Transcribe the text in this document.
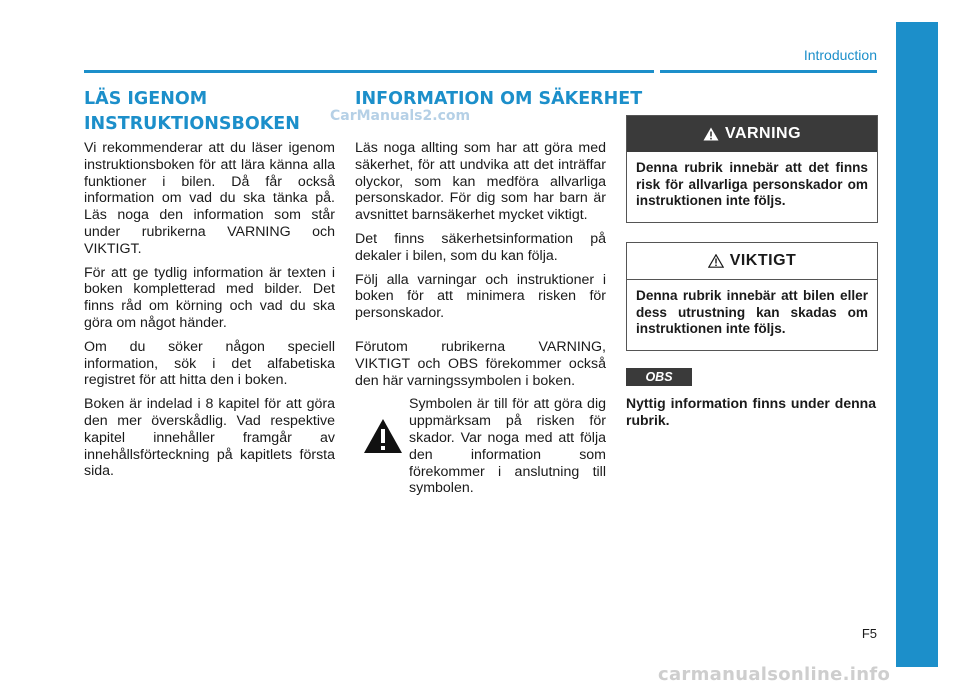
Introduction
LÄS IGENOM
INSTRUKTIONSBOKEN
INFORMATION OM SÄKERHET

Vi rekommenderar att du läser igenom instruktionsboken för att lära känna alla funktioner i bilen. Då får också information om vad du ska tänka på. Läs noga den information som står under rubrikerna VARNING och VIKTIGT.

För att ge tydlig information är texten i boken kompletterad med bilder. Det finns råd om körning och vad du ska göra om något händer.

Om du söker någon speciell information, sök i det alfabetiska registret för att hitta den i boken.

Boken är indelad i 8 kapitel för att göra den mer överskådlig. Vad respektive kapitel innehåller framgår av innehållsförteckning på kapitlets första sida.

Läs noga allting som har att göra med säkerhet, för att undvika att det inträffar olyckor, som kan medföra allvarliga personskador. För dig som har barn är avsnittet barnsäkerhet mycket viktigt.

Det finns säkerhetsinformation på dekaler i bilen, som du kan följa.

Följ alla varningar och instruktioner i boken för att minimera risken för personskador.

Förutom rubrikerna VARNING, VIKTIGT och OBS förekommer också den här varningssymbolen i boken.

Symbolen är till för att göra dig uppmärksam på risken för skador. Var noga med att följa den information som förekommer i anslutning till symbolen.
VARNING
Denna rubrik innebär att det finns risk för allvarliga personskador om instruktionen inte följs.
VIKTIGT
Denna rubrik innebär att bilen eller dess utrustning kan skadas om instruktionen inte följs.
OBS
Nyttig information finns under denna rubrik.
F5
CarManuals2.com
carmanualsonline.info
